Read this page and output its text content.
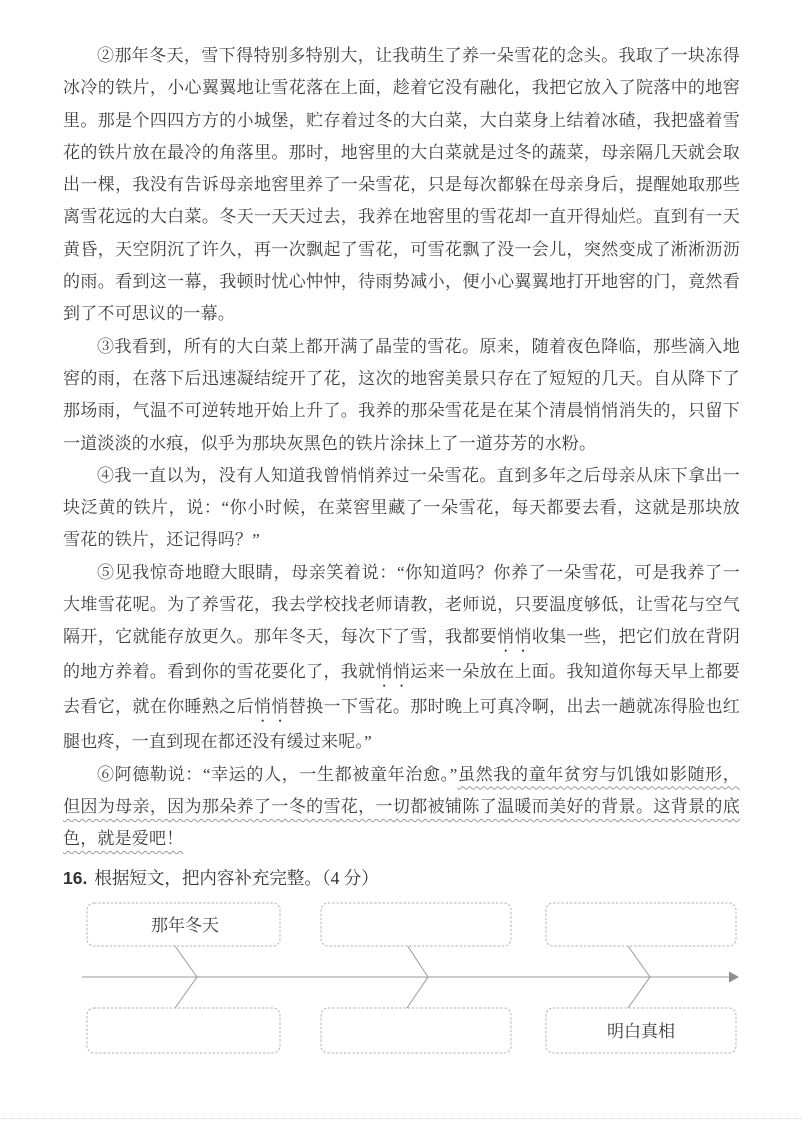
②那年冬天，雪下得特别多特别大，让我萌生了养一朵雪花的念头。我取了一块冻得冰冷的铁片，小心翼翼地让雪花落在上面，趁着它没有融化，我把它放入了院落中的地窖里。那是个四四方方的小城堡，贮存着过冬的大白菜，大白菜身上结着冰碴，我把盛着雪花的铁片放在最冷的角落里。那时，地窖里的大白菜就是过冬的蔬菜，母亲隔几天就会取出一棵，我没有告诉母亲地窖里养了一朵雪花，只是每次都躲在母亲身后，提醒她取那些离雪花远的大白菜。冬天一天天过去，我养在地窖里的雪花却一直开得灿烂。直到有一天黄昏，天空阴沉了许久，再一次飘起了雪花，可雪花飘了没一会儿，突然变成了淅淅沥沥的雨。看到这一幕，我顿时忧心忡忡，待雨势减小，便小心翼翼地打开地窖的门，竟然看到了不可思议的一幕。

③我看到，所有的大白菜上都开满了晶莹的雪花。原来，随着夜色降临，那些滴入地窖的雨，在落下后迅速凝结绽开了花，这次的地窖美景只存在了短短的几天。自从降下了那场雨，气温不可逆转地开始上升了。我养的那朵雪花是在某个清晨悄悄消失的，只留下一道淡淡的水痕，似乎为那块灰黑色的铁片涂抹上了一道芬芳的水粉。

④我一直以为，没有人知道我曾悄悄养过一朵雪花。直到多年之后母亲从床下拿出一块泛黄的铁片，说：“你小时候，在菜窖里藏了一朵雪花，每天都要去看，这就是那块放雪花的铁片，还记得吗？”

⑤见我惊奇地瞪大眼睛，母亲笑着说：“你知道吗？你养了一朵雪花，可是我养了一大堆雪花呢。为了养雪花，我去学校找老师请教，老师说，只要温度够低，让雪花与空气隔开，它就能存放更久。那年冬天，每次下了雪，我都要悄悄收集一些，把它们放在背阴的地方养着。看到你的雪花要化了，我就悄悄运来一朵放在上面。我知道你每天早上都要去看它，就在你睡熟之后悄悄替换一下雪花。那时晚上可真冷啊，出去一趟就冻得脸也红腿也疼，一直到现在都还没有缓过来呢。”

⑥阿德勒说：“幸运的人，一生都被童年治愈。”虽然我的童年贫穷与饥饿如影随形，但因为母亲，因为那朵养了一冬的雪花，一切都被铺陈了温暖而美好的背景。这背景的底色，就是爱吧！

16. 根据短文，把内容补充完整。（4 分）
那年冬天
明白真相
